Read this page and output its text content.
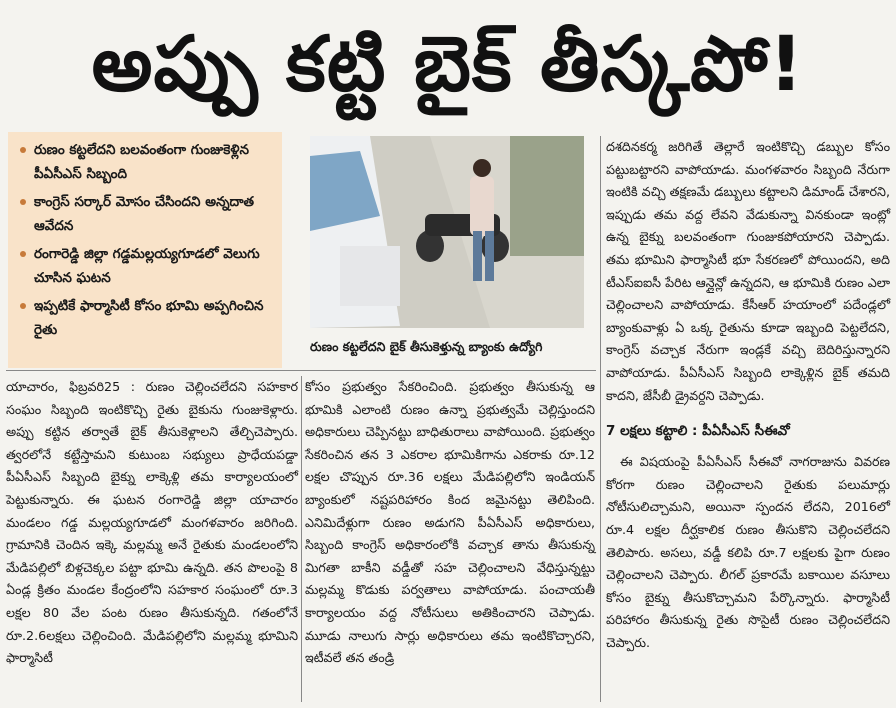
అప్పు కట్టి బైక్ తీస్కపో!
రుణం కట్టలేదని బలవంతంగా గుంజుకెళ్లిన పీఏసీఎస్ సిబ్బంది
కాంగ్రెస్ సర్కార్ మోసం చేసిందని అన్నదాత ఆవేదన
రంగారెడ్డి జిల్లా గడ్డమల్లయ్యగూడలో వెలుగు చూసిన ఘటన
ఇప్పటికే ఫార్మాసిటీ కోసం భూమి అప్పగించిన రైతు
రుణం కట్టలేదని బైక్ తీసుకెళ్తున్న బ్యాంకు ఉద్యోగి

యాచారం, ఫిబ్రవరి25 : రుణం చెల్లించలేదని సహకార సంఘం సిబ్బంది ఇంటికొచ్చి రైతు బైకును గుంజుకెళ్లారు. అప్పు కట్టిన తర్వాతే బైక్ తీసుకెళ్లాలని తేల్చిచెప్పారు. త్వరలోనే కట్టేస్తామని కుటుంబ సభ్యులు ప్రాధేయపడ్డా పీఏసీఎస్ సిబ్బంది బైక్ను లాక్కెళ్లి తమ కార్యాలయంలో పెట్టుకున్నారు. ఈ ఘటన రంగారెడ్డి జిల్లా యాచారం మండలం గడ్డ మల్లయ్యగూడలో మంగళవారం జరిగింది. గ్రామానికి చెందిన ఇక్కె మల్లమ్మ అనే రైతుకు మండలంలోని మేడిపల్లిలో బిళ్లచెక్కల పట్టా భూమి ఉన్నది. తన పొలంపై 8 ఏండ్ల క్రితం మండల కేంద్రంలోని సహకార సంఘంలో రూ.3 లక్షల 80 వేల పంట రుణం తీసుకున్నది. గతంలోనే రూ.2.6లక్షలు చెల్లించింది. మేడిపల్లిలోని మల్లమ్మ భూమిని ఫార్మాసిటీ

కోసం ప్రభుత్వం సేకరించింది. ప్రభుత్వం తీసుకున్న ఆ భూమికి ఎలాంటి రుణం ఉన్నా ప్రభుత్వమే చెల్లిస్తుందని అధికారులు చెప్పినట్టు బాధితురాలు వాపోయింది. ప్రభుత్వం సేకరించిన తన 3 ఎకరాల భూమికిగాను ఎకరాకు రూ.12 లక్షల చొప్పున రూ.36 లక్షలు మేడిపల్లిలోని ఇండియన్ బ్యాంకులో నష్టపరిహారం కింద జమైనట్టు తెలిపింది. ఎనిమిదేళ్లుగా రుణం అడుగని పీఏసీఎస్ అధికారులు, సిబ్బంది కాంగ్రెస్ అధికారంలోకి వచ్చాక తాను తీసుకున్న మిగతా బాకీని వడ్డీతో సహ చెల్లించాలని వేధిస్తున్నట్టు మల్లమ్మ కొడుకు పర్వతాలు వాపోయాడు. పంచాయతీ కార్యాలయం వద్ద నోటీసులు అతికించారని చెప్పాడు. మూడు నాలుగు సార్లు అధికారులు తమ ఇంటికొచ్చారని, ఇటీవలే తన తండ్రి

దశదినకర్మ జరిగితే తెల్లారే ఇంటికొచ్చి డబ్బుల కోసం పట్టుబట్టారని వాపోయాడు. మంగళవారం సిబ్బంది నేరుగా ఇంటికి వచ్చి తక్షణమే డబ్బులు కట్టాలని డిమాండ్ చేశారని, ఇప్పుడు తమ వద్ద లేవని వేడుకున్నా వినకుండా ఇంట్లో ఉన్న బైక్ను బలవంతంగా గుంజుకపోయారని చెప్పాడు. తమ భూమిని ఫార్మాసిటీ భూ సేకరణలో పోయిందని, అది టీఎస్ఐఐసీ పేరిట ఆన్లైన్లో ఉన్నదని, ఆ భూమికి రుణం ఎలా చెల్లించాలని వాపోయాడు. కేసీఆర్ హయాంలో పదేండ్లలో బ్యాంకువాళ్లు ఏ ఒక్క రైతును కూడా ఇబ్బంది పెట్టలేదని, కాంగ్రెస్ వచ్చాక నేరుగా ఇండ్లకే వచ్చి బెదిరిస్తున్నారని వాపోయాడు. పీఏసీఎస్ సిబ్బంది లాక్కెళ్లిన బైక్ తమది కాదని, జేసీబీ డ్రైవర్దని చెప్పాడు.

7 లక్షలు కట్టాలి : పీఏసీఎస్ సీఈవో

ఈ విషయంపై పీఏసీఎస్ సీఈవో నాగరాజును వివరణ కోరగా రుణం చెల్లించాలని రైతుకు పలుమార్లు నోటీసులిచ్చామని, అయినా స్పందన లేదని, 2016లో రూ.4 లక్షల దీర్ఘకాలిక రుణం తీసుకొని చెల్లించలేదని తెలిపారు. అసలు, వడ్డీ కలిపి రూ.7 లక్షలకు పైగా రుణం చెల్లించాలని చెప్పారు. లీగల్ ప్రకారమే బకాయిల వసూలు కోసం బైక్ను తీసుకొచ్చామని పేర్కొన్నారు. ఫార్మాసిటీ పరిహారం తీసుకున్న రైతు సొసైటీ రుణం చెల్లించలేదని చెప్పారు.
